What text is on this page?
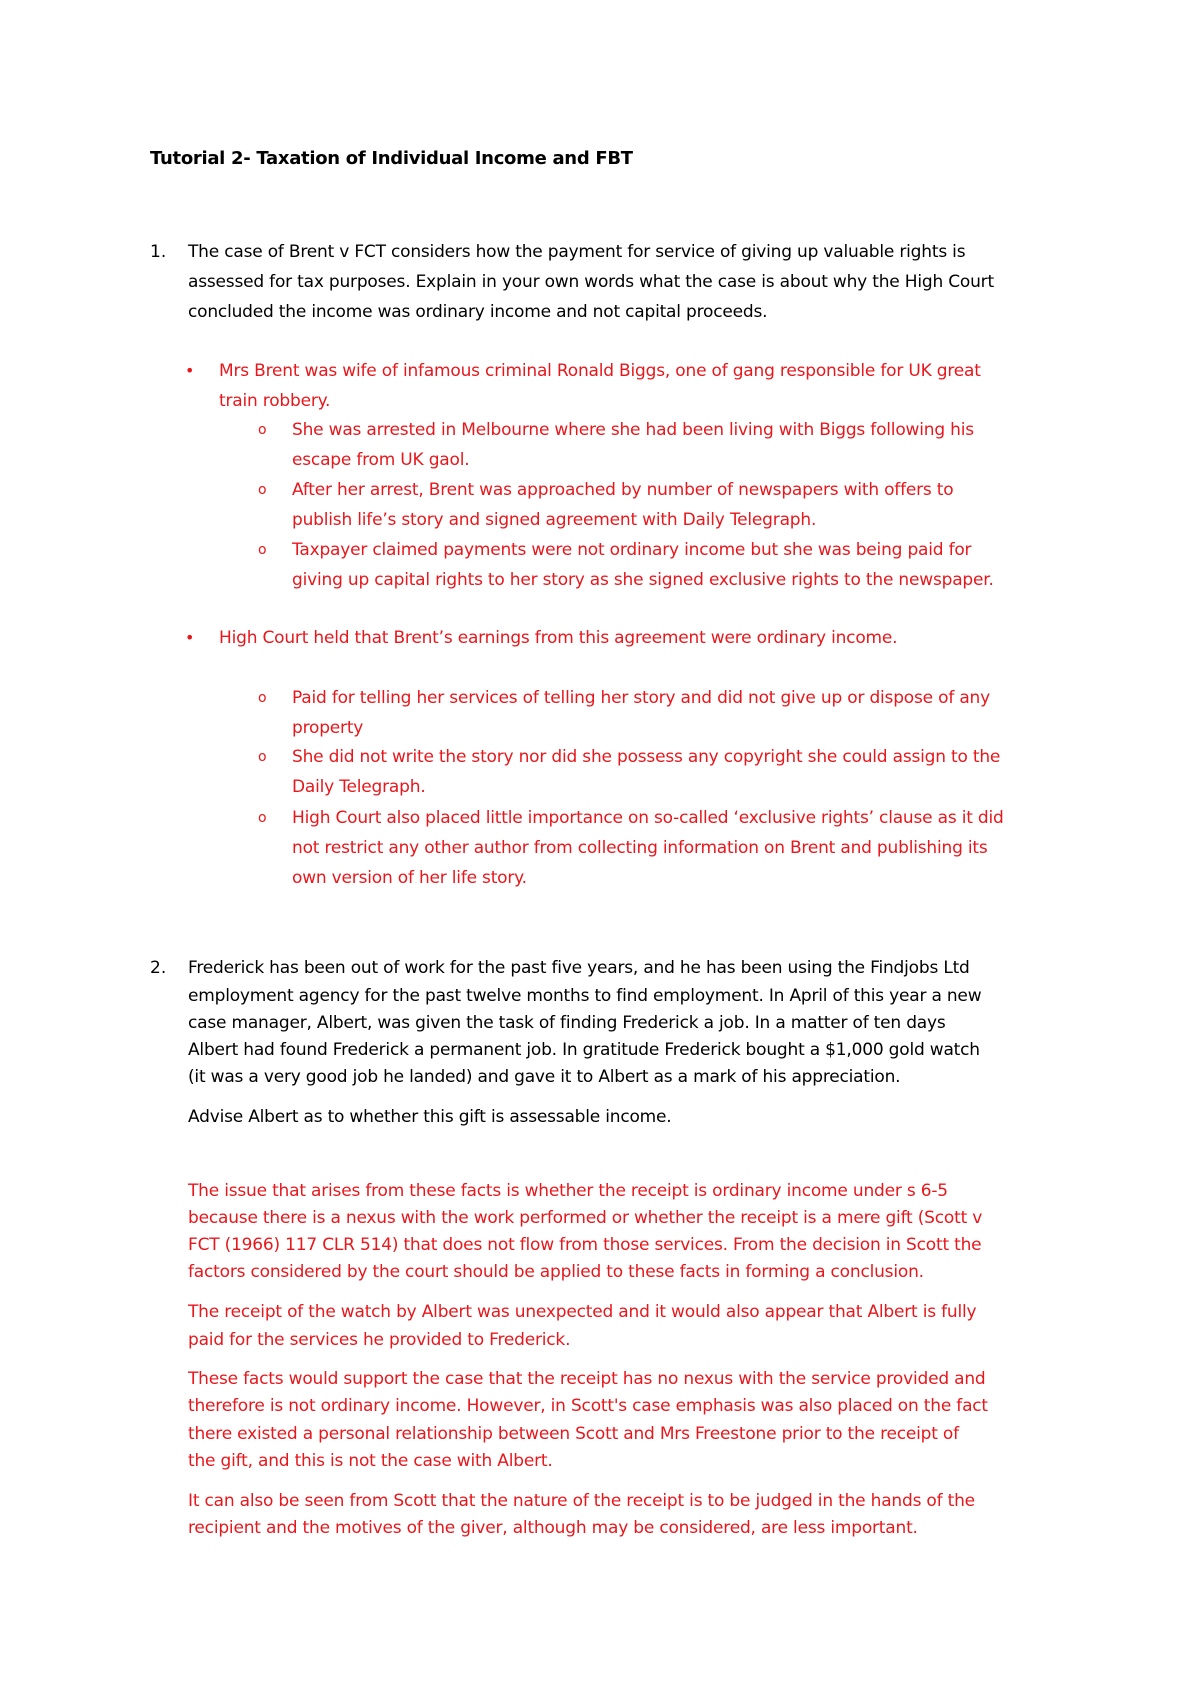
Tutorial 2- Taxation of Individual Income and FBT
1. The case of Brent v FCT considers how the payment for service of giving up valuable rights is
assessed for tax purposes. Explain in your own words what the case is about why the High Court
concluded the income was ordinary income and not capital proceeds.
• Mrs Brent was wife of infamous criminal Ronald Biggs, one of gang responsible for UK great
train robbery.
o She was arrested in Melbourne where she had been living with Biggs following his
escape from UK gaol.
o After her arrest, Brent was approached by number of newspapers with offers to
publish life’s story and signed agreement with Daily Telegraph.
o Taxpayer claimed payments were not ordinary income but she was being paid for
giving up capital rights to her story as she signed exclusive rights to the newspaper.
• High Court held that Brent’s earnings from this agreement were ordinary income.
o Paid for telling her services of telling her story and did not give up or dispose of any
property
o She did not write the story nor did she possess any copyright she could assign to the
Daily Telegraph.
o High Court also placed little importance on so-called ‘exclusive rights’ clause as it did
not restrict any other author from collecting information on Brent and publishing its
own version of her life story.
2. Frederick has been out of work for the past five years, and he has been using the Findjobs Ltd
employment agency for the past twelve months to find employment. In April of this year a new
case manager, Albert, was given the task of finding Frederick a job. In a matter of ten days
Albert had found Frederick a permanent job. In gratitude Frederick bought a $1,000 gold watch
(it was a very good job he landed) and gave it to Albert as a mark of his appreciation.
Advise Albert as to whether this gift is assessable income.
The issue that arises from these facts is whether the receipt is ordinary income under s 6-5
because there is a nexus with the work performed or whether the receipt is a mere gift (Scott v
FCT (1966) 117 CLR 514) that does not flow from those services. From the decision in Scott the
factors considered by the court should be applied to these facts in forming a conclusion.
The receipt of the watch by Albert was unexpected and it would also appear that Albert is fully
paid for the services he provided to Frederick.
These facts would support the case that the receipt has no nexus with the service provided and
therefore is not ordinary income. However, in Scott's case emphasis was also placed on the fact
there existed a personal relationship between Scott and Mrs Freestone prior to the receipt of
the gift, and this is not the case with Albert.
It can also be seen from Scott that the nature of the receipt is to be judged in the hands of the
recipient and the motives of the giver, although may be considered, are less important.
